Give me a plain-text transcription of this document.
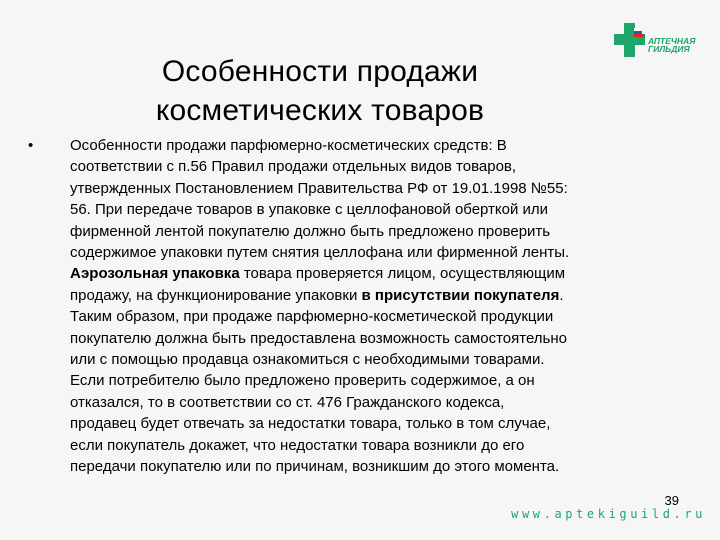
Особенности продажи
косметических товаров
АПТЕЧНАЯ
ГИЛЬДИЯ
• Особенности продажи парфюмерно-косметических средств: В
соответствии с п.56 Правил продажи отдельных видов товаров,
утвержденных Постановлением Правительства РФ от 19.01.1998 №55:
56. При передаче товаров в упаковке с целлофановой оберткой или
фирменной лентой покупателю должно быть предложено проверить
содержимое упаковки путем снятия целлофана или фирменной ленты.
Аэрозольная упаковка товара проверяется лицом, осуществляющим
продажу, на функционирование упаковки в присутствии покупателя.
Таким образом, при продаже парфюмерно-косметической продукции
покупателю должна быть предоставлена возможность самостоятельно
или с помощью продавца ознакомиться с необходимыми товарами.
Если потребителю было предложено проверить содержимое, а он
отказался, то в соответствии со ст. 476 Гражданского кодекса,
продавец будет отвечать за недостатки товара, только в том случае,
если покупатель докажет, что недостатки товара возникли до его
передачи покупателю или по причинам, возникшим до этого момента.
39
www.aptekiguild.ru
